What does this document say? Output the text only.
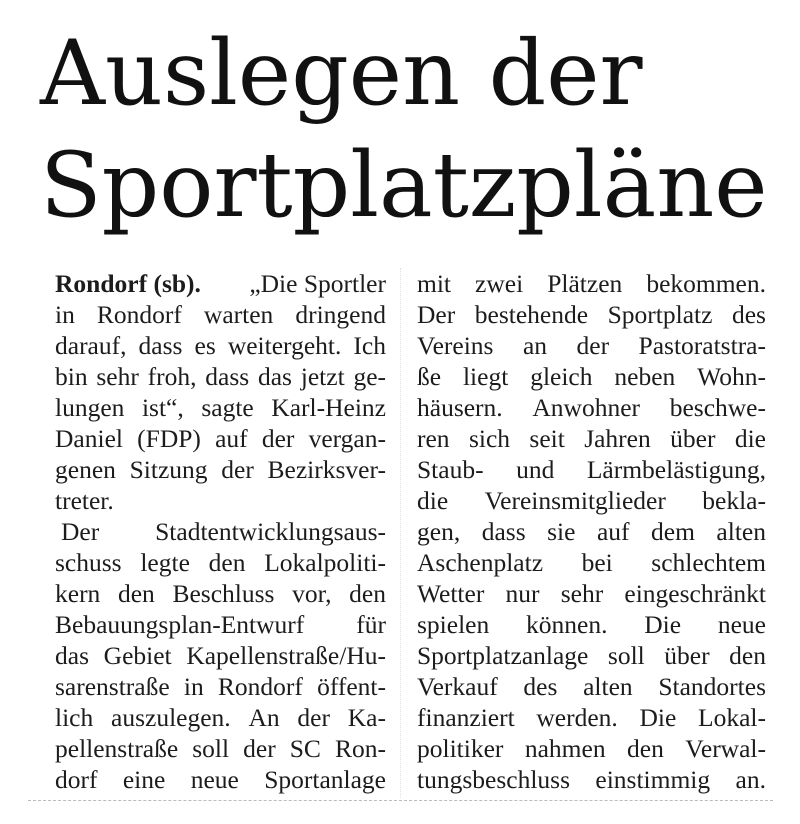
Auslegen der
Sportplatzpläne
Rondorf (sb). „Die Sportler
in Rondorf warten dringend
darauf, dass es weitergeht. Ich
bin sehr froh, dass das jetzt ge-
lungen ist“, sagte Karl-Heinz
Daniel (FDP) auf der vergan-
genen Sitzung der Bezirksver-
treter.
Der Stadtentwicklungsaus-
schuss legte den Lokalpoliti-
kern den Beschluss vor, den
Bebauungsplan-Entwurf für
das Gebiet Kapellenstraße/Hu-
sarenstraße in Rondorf öffent-
lich auszulegen. An der Ka-
pellenstraße soll der SC Ron-
dorf eine neue Sportanlage
mit zwei Plätzen bekommen.
Der bestehende Sportplatz des
Vereins an der Pastoratstra-
ße liegt gleich neben Wohn-
häusern. Anwohner beschwe-
ren sich seit Jahren über die
Staub- und Lärmbelästigung,
die Vereinsmitglieder bekla-
gen, dass sie auf dem alten
Aschenplatz bei schlechtem
Wetter nur sehr eingeschränkt
spielen können. Die neue
Sportplatzanlage soll über den
Verkauf des alten Standortes
finanziert werden. Die Lokal-
politiker nahmen den Verwal-
tungsbeschluss einstimmig an.
